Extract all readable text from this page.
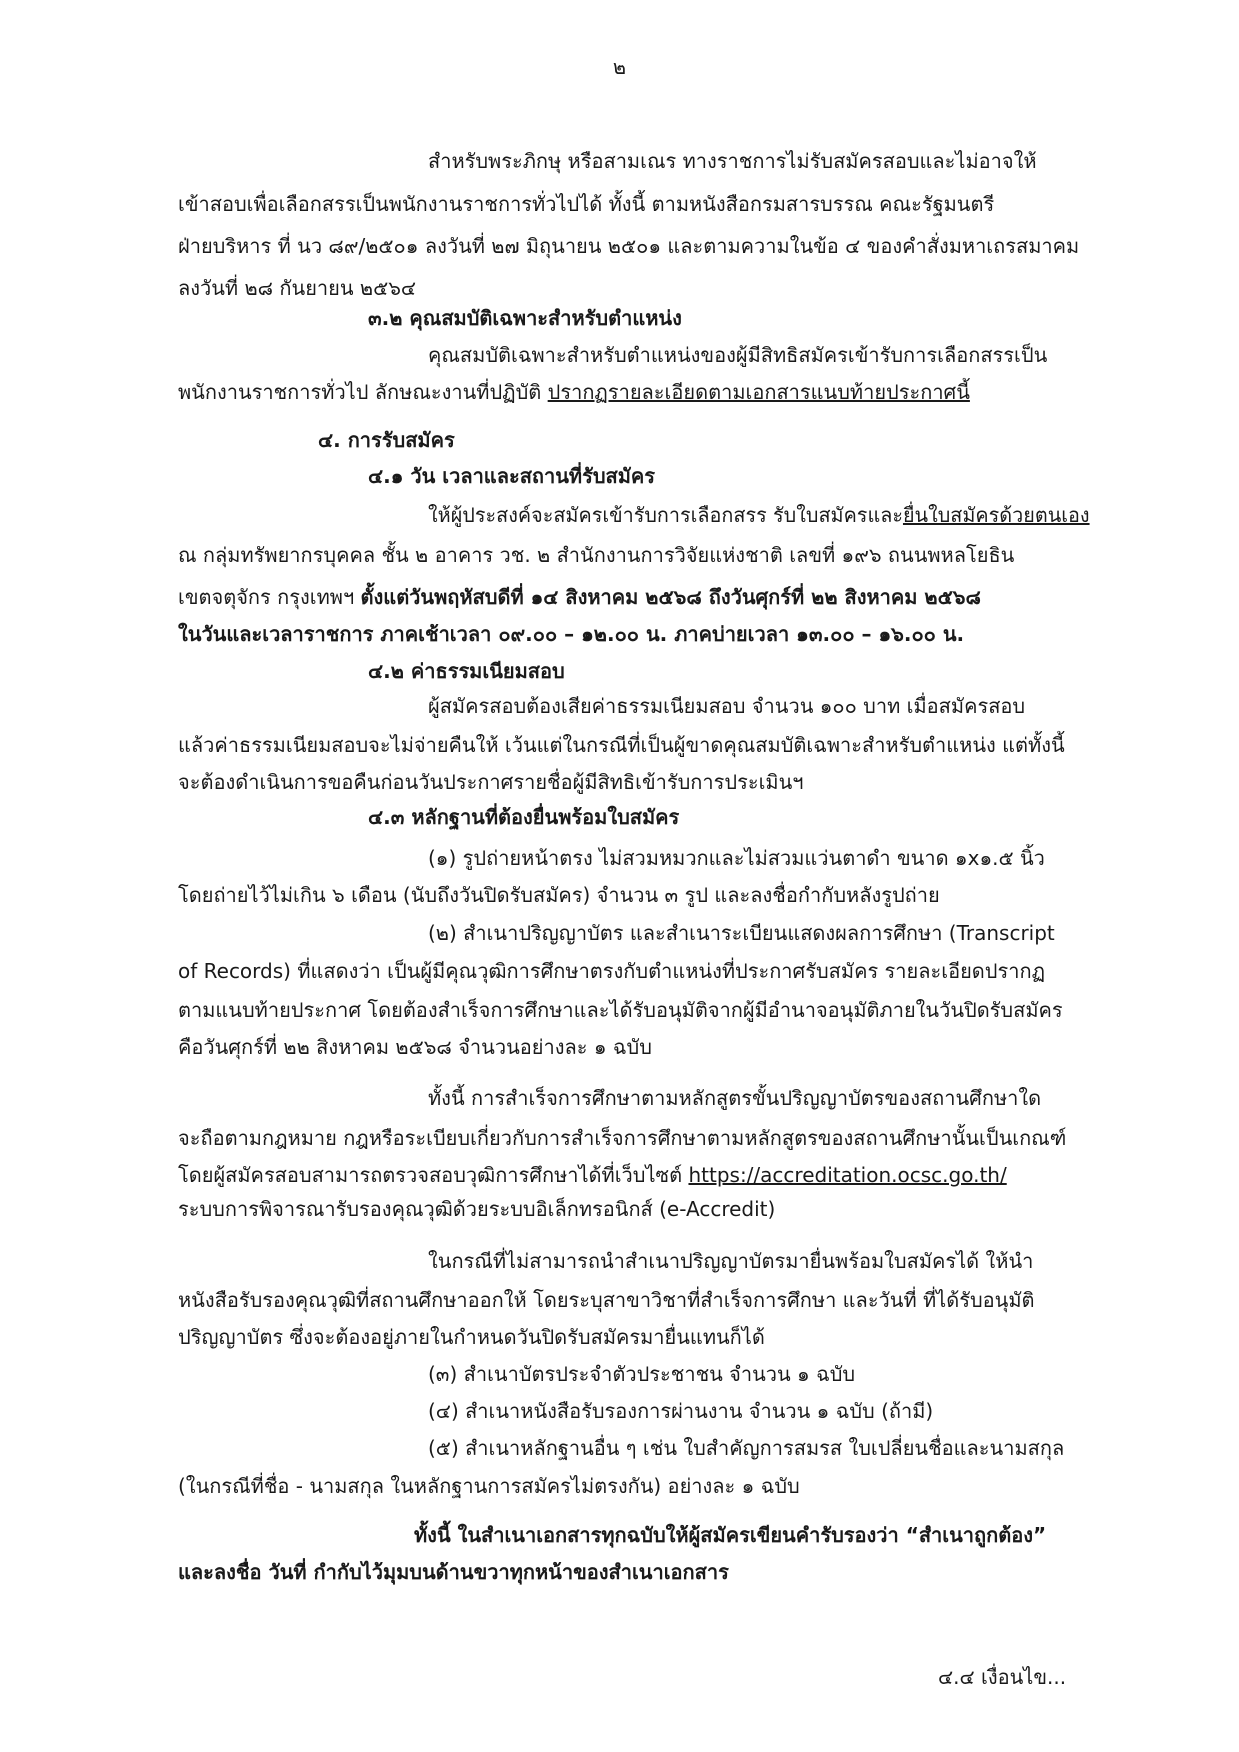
๒
สำหรับพระภิกษุ หรือสามเณร ทางราชการไม่รับสมัครสอบและไม่อาจให้
เข้าสอบเพื่อเลือกสรรเป็นพนักงานราชการทั่วไปได้ ทั้งนี้ ตามหนังสือกรมสารบรรณ คณะรัฐมนตรี
ฝ่ายบริหาร ที่ นว ๘๙/๒๕๐๑ ลงวันที่ ๒๗ มิถุนายน ๒๕๐๑ และตามความในข้อ ๔ ของคำสั่งมหาเถรสมาคม
ลงวันที่ ๒๘ กันยายน ๒๕๖๔
๓.๒ คุณสมบัติเฉพาะสำหรับตำแหน่ง
คุณสมบัติเฉพาะสำหรับตำแหน่งของผู้มีสิทธิสมัครเข้ารับการเลือกสรรเป็น
พนักงานราชการทั่วไป ลักษณะงานที่ปฏิบัติ ปรากฏรายละเอียดตามเอกสารแนบท้ายประกาศนี้
๔. การรับสมัคร
๔.๑ วัน เวลาและสถานที่รับสมัคร
ให้ผู้ประสงค์จะสมัครเข้ารับการเลือกสรร รับใบสมัครและยื่นใบสมัครด้วยตนเอง
ณ กลุ่มทรัพยากรบุคคล ชั้น ๒ อาคาร วช. ๒ สำนักงานการวิจัยแห่งชาติ เลขที่ ๑๙๖ ถนนพหลโยธิน
เขตจตุจักร กรุงเทพฯ ตั้งแต่วันพฤหัสบดีที่ ๑๔ สิงหาคม ๒๕๖๘ ถึงวันศุกร์ที่ ๒๒ สิงหาคม ๒๕๖๘
ในวันและเวลาราชการ ภาคเช้าเวลา ๐๙.๐๐ – ๑๒.๐๐ น. ภาคบ่ายเวลา ๑๓.๐๐ – ๑๖.๐๐ น.
๔.๒ ค่าธรรมเนียมสอบ
ผู้สมัครสอบต้องเสียค่าธรรมเนียมสอบ จำนวน ๑๐๐ บาท เมื่อสมัครสอบ
แล้วค่าธรรมเนียมสอบจะไม่จ่ายคืนให้ เว้นแต่ในกรณีที่เป็นผู้ขาดคุณสมบัติเฉพาะสำหรับตำแหน่ง แต่ทั้งนี้
จะต้องดำเนินการขอคืนก่อนวันประกาศรายชื่อผู้มีสิทธิเข้ารับการประเมินฯ
๔.๓ หลักฐานที่ต้องยื่นพร้อมใบสมัคร
(๑) รูปถ่ายหน้าตรง ไม่สวมหมวกและไม่สวมแว่นตาดำ ขนาด ๑x๑.๕ นิ้ว
โดยถ่ายไว้ไม่เกิน ๖ เดือน (นับถึงวันปิดรับสมัคร) จำนวน ๓ รูป และลงชื่อกำกับหลังรูปถ่าย
(๒) สำเนาปริญญาบัตร และสำเนาระเบียนแสดงผลการศึกษา (Transcript
of Records) ที่แสดงว่า เป็นผู้มีคุณวุฒิการศึกษาตรงกับตำแหน่งที่ประกาศรับสมัคร รายละเอียดปรากฏ
ตามแนบท้ายประกาศ โดยต้องสำเร็จการศึกษาและได้รับอนุมัติจากผู้มีอำนาจอนุมัติภายในวันปิดรับสมัคร
คือวันศุกร์ที่ ๒๒ สิงหาคม ๒๕๖๘ จำนวนอย่างละ ๑ ฉบับ
ทั้งนี้ การสำเร็จการศึกษาตามหลักสูตรขั้นปริญญาบัตรของสถานศึกษาใด
จะถือตามกฎหมาย กฎหรือระเบียบเกี่ยวกับการสำเร็จการศึกษาตามหลักสูตรของสถานศึกษานั้นเป็นเกณฑ์
โดยผู้สมัครสอบสามารถตรวจสอบวุฒิการศึกษาได้ที่เว็บไซต์ https://accreditation.ocsc.go.th/
ระบบการพิจารณารับรองคุณวุฒิด้วยระบบอิเล็กทรอนิกส์ (e-Accredit)
ในกรณีที่ไม่สามารถนำสำเนาปริญญาบัตรมายื่นพร้อมใบสมัครได้ ให้นำ
หนังสือรับรองคุณวุฒิที่สถานศึกษาออกให้ โดยระบุสาขาวิชาที่สำเร็จการศึกษา และวันที่ ที่ได้รับอนุมัติ
ปริญญาบัตร ซึ่งจะต้องอยู่ภายในกำหนดวันปิดรับสมัครมายื่นแทนก็ได้
(๓) สำเนาบัตรประจำตัวประชาชน จำนวน ๑ ฉบับ
(๔) สำเนาหนังสือรับรองการผ่านงาน จำนวน ๑ ฉบับ (ถ้ามี)
(๕) สำเนาหลักฐานอื่น ๆ เช่น ใบสำคัญการสมรส ใบเปลี่ยนชื่อและนามสกุล
(ในกรณีที่ชื่อ - นามสกุล ในหลักฐานการสมัครไม่ตรงกัน) อย่างละ ๑ ฉบับ
ทั้งนี้ ในสำเนาเอกสารทุกฉบับให้ผู้สมัครเขียนคำรับรองว่า “สำเนาถูกต้อง”
และลงชื่อ วันที่ กำกับไว้มุมบนด้านขวาทุกหน้าของสำเนาเอกสาร
๔.๔ เงื่อนไข...
